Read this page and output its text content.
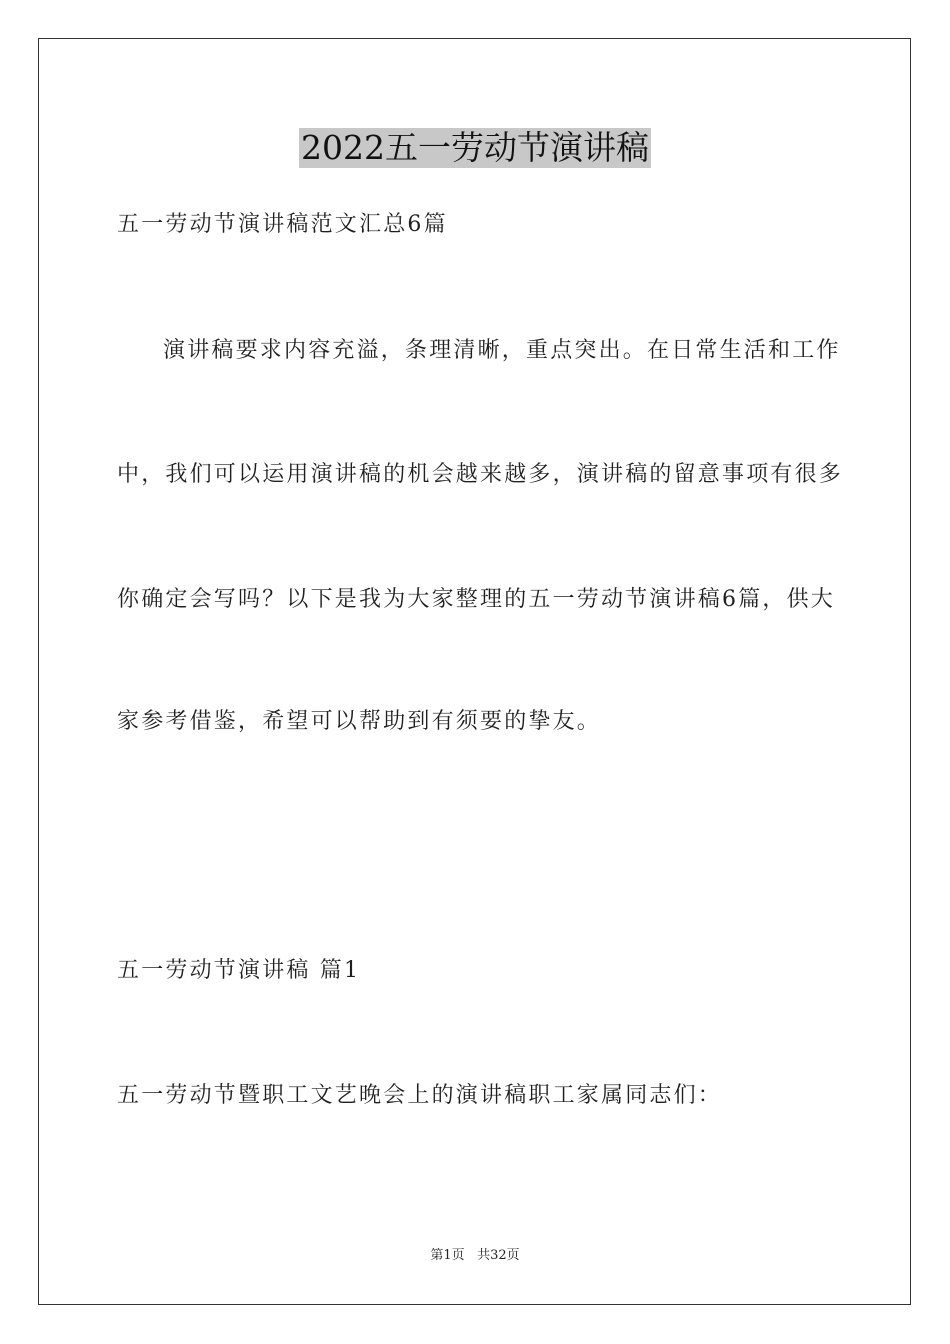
2022五一劳动节演讲稿
五一劳动节演讲稿范文汇总6篇
演讲稿要求内容充溢，条理清晰，重点突出。在日常生活和工作
中，我们可以运用演讲稿的机会越来越多，演讲稿的留意事项有很多
你确定会写吗？以下是我为大家整理的五一劳动节演讲稿6篇，供大
家参考借鉴，希望可以帮助到有须要的挚友。
五一劳动节演讲稿 篇1
五一劳动节暨职工文艺晚会上的演讲稿职工家属同志们：
第1页 共32页
